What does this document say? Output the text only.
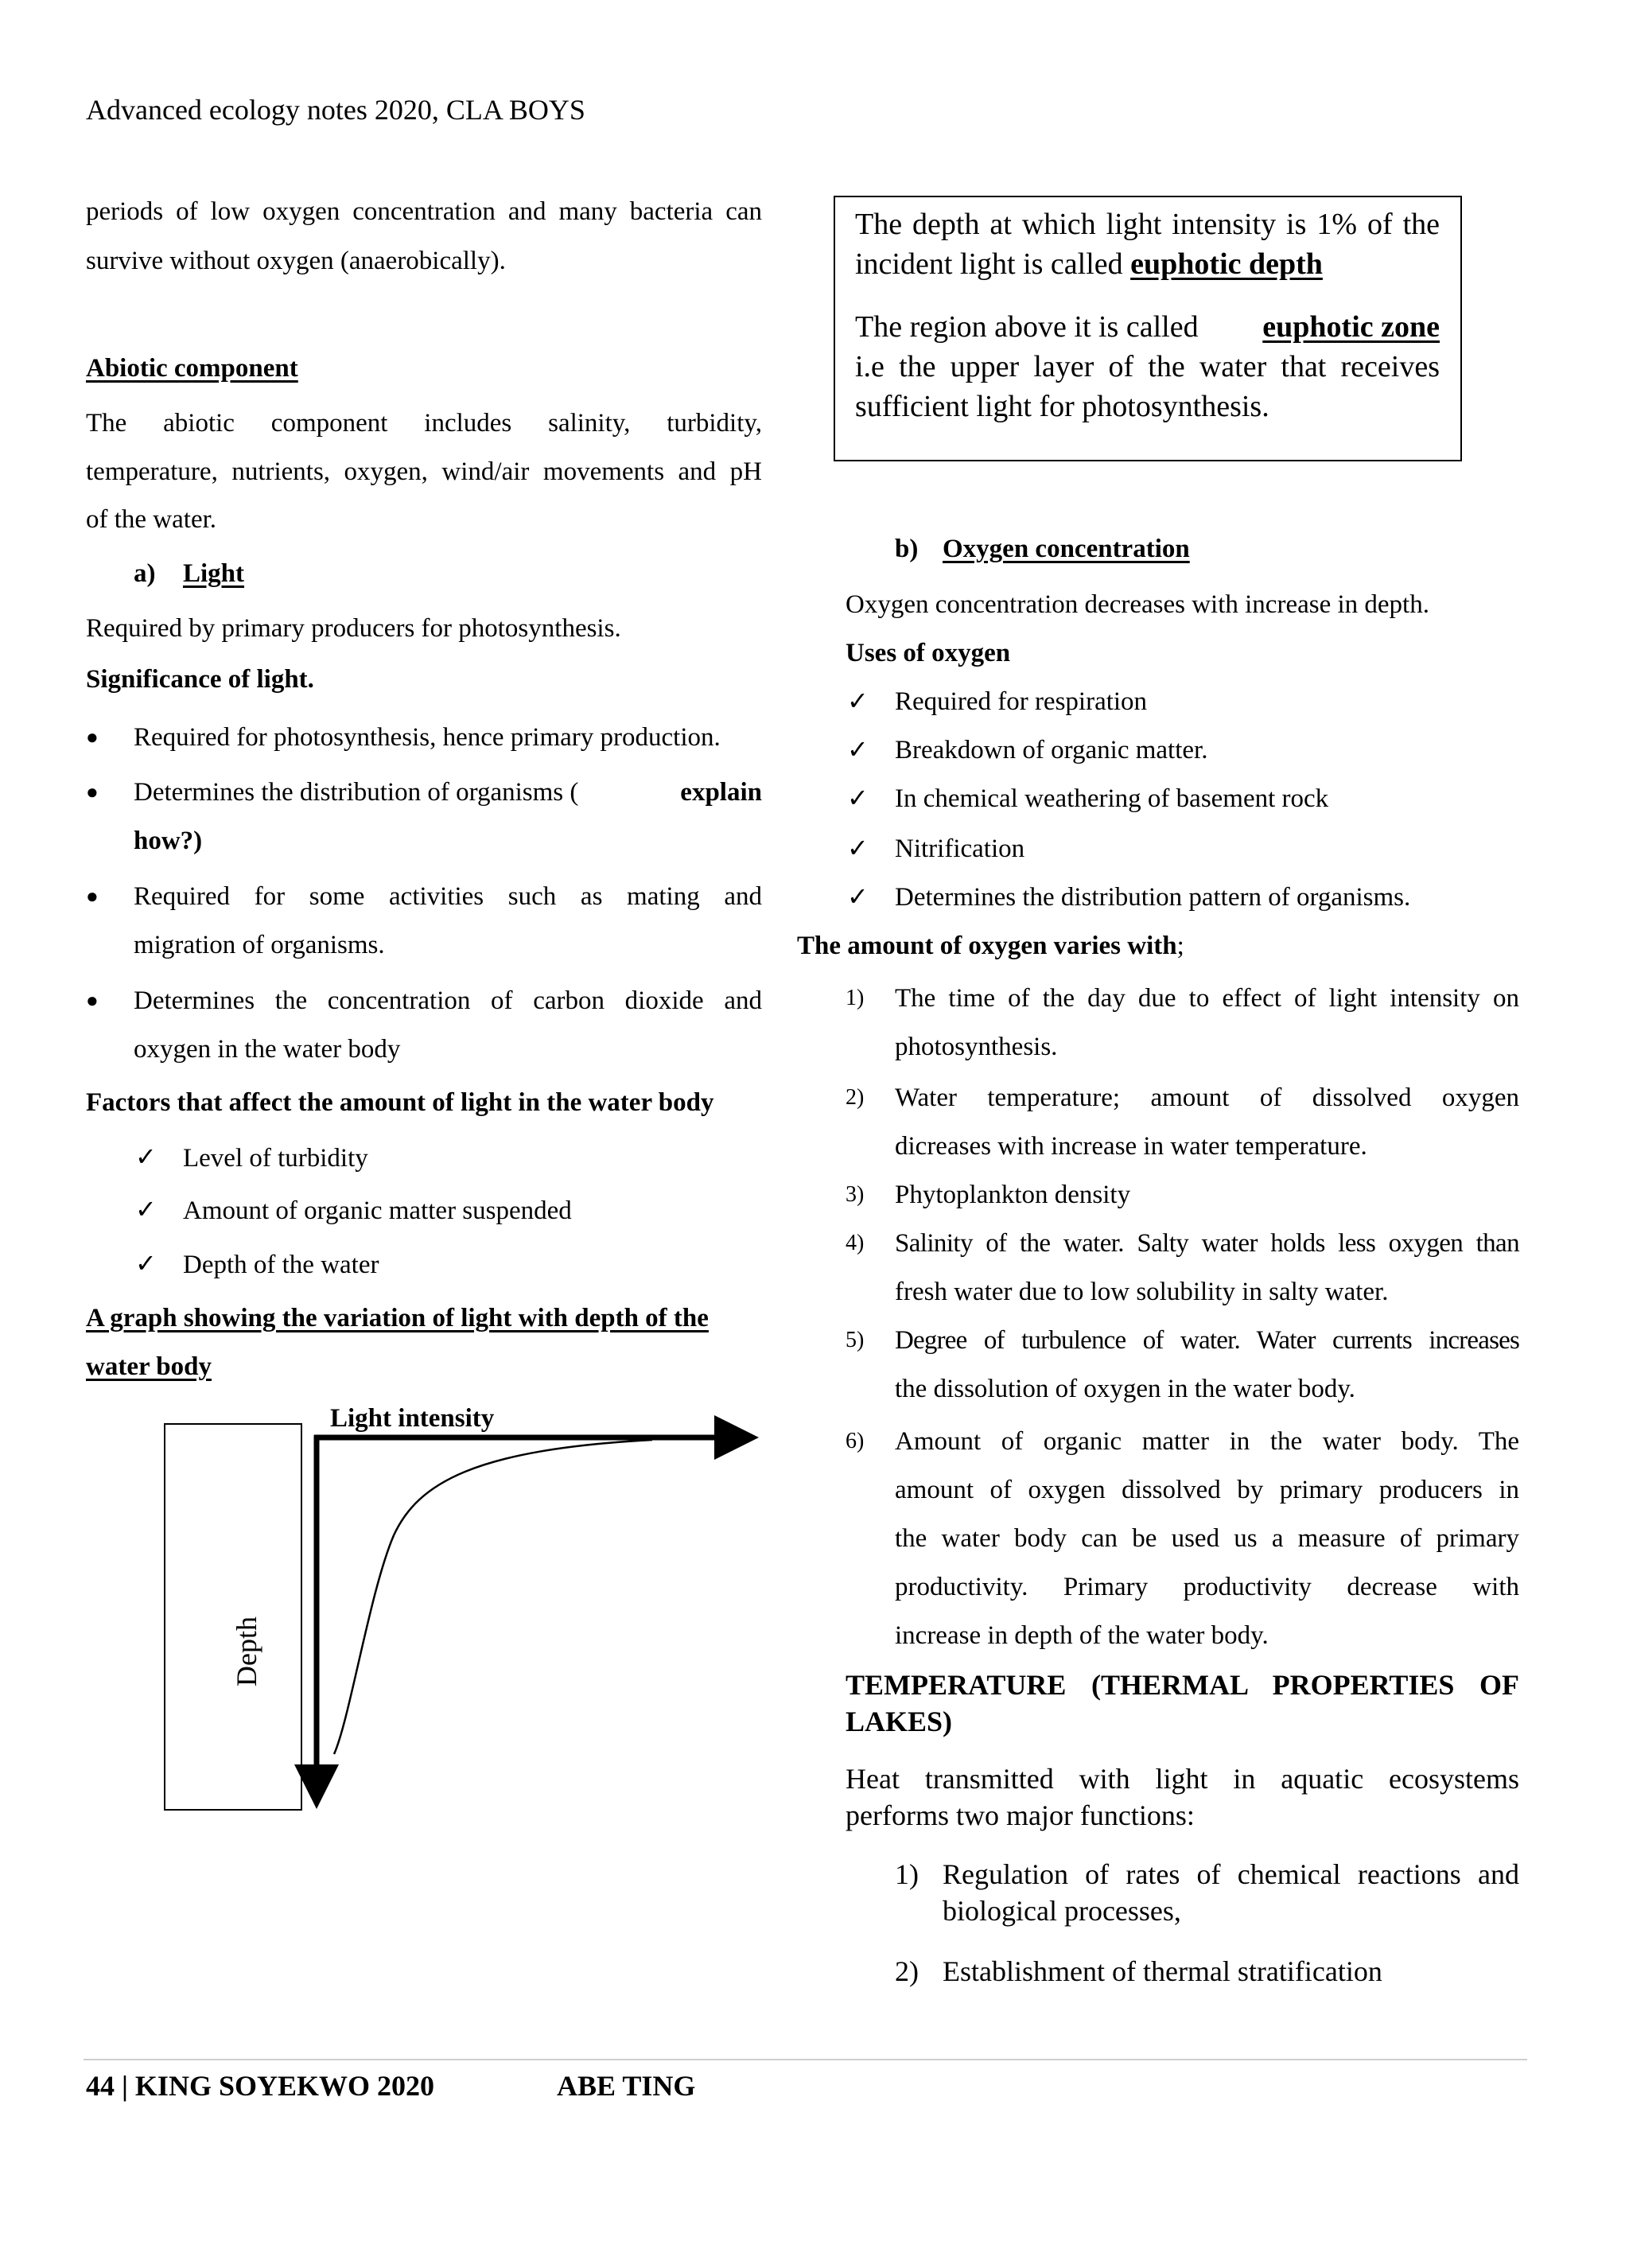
Advanced ecology notes 2020, CLA BOYS
periods of low oxygen concentration and many bacteria can
survive without oxygen (anaerobically).
Abiotic component
The abiotic component includes salinity, turbidity,
temperature, nutrients, oxygen, wind/air movements and pH
of the water.
a) Light
Required by primary producers for photosynthesis.
Significance of light.
● Required for photosynthesis, hence primary production.
● Determines the distribution of organisms (	explain
how?)
● Required for some activities such as mating and
migration of organisms.
● Determines the concentration of carbon dioxide and
oxygen in the water body
Factors that affect the amount of light in the water body
✓ Level of turbidity
✓ Amount of organic matter suspended
✓ Depth of the water
A graph showing the variation of light with depth of the
water body
Light intensity
Depth
The depth at which light intensity is 1% of the
incident light is called euphotic depth
The region above it is called euphotic zone
i.e the upper layer of the water that receives
sufficient light for photosynthesis.
b) Oxygen concentration
Oxygen concentration decreases with increase in depth.
Uses of oxygen
✓ Required for respiration
✓ Breakdown of organic matter.
✓ In chemical weathering of basement rock
✓ Nitrification
✓ Determines the distribution pattern of organisms.
The amount of oxygen varies with;
1) The time of the day due to effect of light intensity on
photosynthesis.
2) Water temperature; amount of dissolved oxygen
dicreases with increase in water temperature.
3) Phytoplankton density
4) Salinity of the water. Salty water holds less oxygen than
fresh water due to low solubility in salty water.
5) Degree of turbulence of water. Water currents increases
the dissolution of oxygen in the water body.
6) Amount of organic matter in the water body. The
amount of oxygen dissolved by primary producers in
the water body can be used us a measure of primary
productivity. Primary productivity decrease with
increase in depth of the water body.
TEMPERATURE (THERMAL PROPERTIES OF
LAKES)
Heat transmitted with light in aquatic ecosystems
performs two major functions:
1) Regulation of rates of chemical reactions and
biological processes,
2) Establishment of thermal stratification
44 | KING SOYEKWO 2020	ABE TING
